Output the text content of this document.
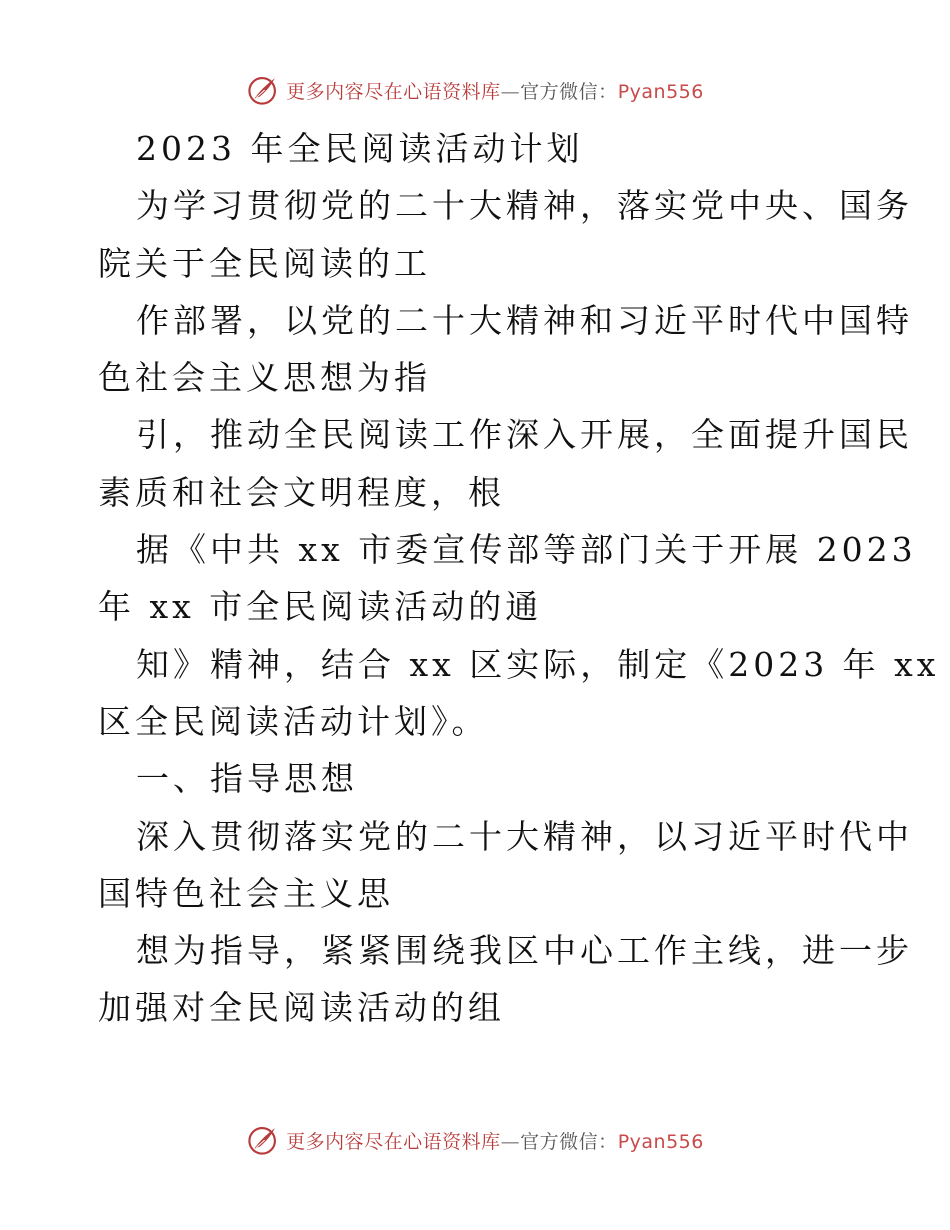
更多内容尽在心语资料库—官方微信：Pyan556
2023 年全民阅读活动计划
为学习贯彻党的二十大精神，落实党中央、国务
院关于全民阅读的工
作部署，以党的二十大精神和习近平时代中国特
色社会主义思想为指
引，推动全民阅读工作深入开展，全面提升国民
素质和社会文明程度，根
据《中共 xx 市委宣传部等部门关于开展 2023
年 xx 市全民阅读活动的通
知》精神，结合 xx 区实际，制定《2023 年 xx
区全民阅读活动计划》。
一、指导思想
深入贯彻落实党的二十大精神，以习近平时代中
国特色社会主义思
想为指导，紧紧围绕我区中心工作主线，进一步
加强对全民阅读活动的组
更多内容尽在心语资料库—官方微信：Pyan556
